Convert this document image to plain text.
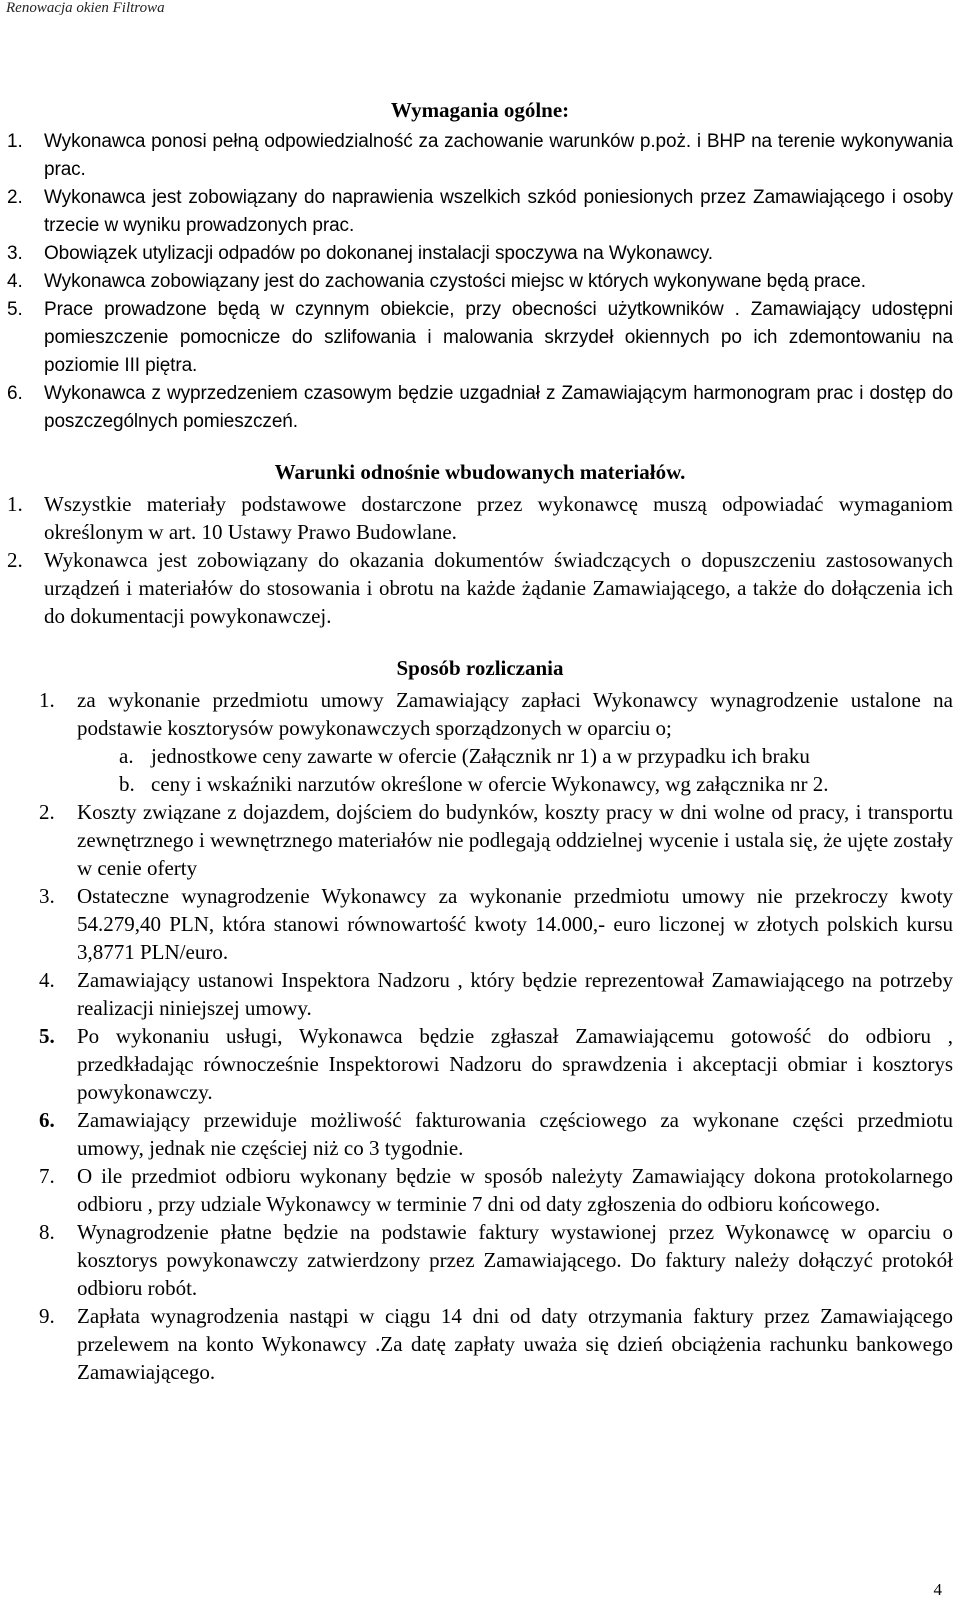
Renowacja okien Filtrowa
Wymagania ogólne:
1. Wykonawca ponosi pełną odpowiedzialność za zachowanie warunków p.poż. i BHP na terenie wykonywania prac.
2. Wykonawca jest zobowiązany do naprawienia wszelkich szkód poniesionych przez Zamawiającego i osoby trzecie w wyniku prowadzonych prac.
3. Obowiązek utylizacji odpadów po dokonanej instalacji spoczywa na Wykonawcy.
4. Wykonawca zobowiązany jest do zachowania czystości miejsc w których wykonywane będą prace.
5. Prace prowadzone będą w czynnym obiekcie, przy obecności użytkowników . Zamawiający udostępni pomieszczenie pomocnicze do szlifowania i malowania skrzydeł okiennych po ich zdemontowaniu na poziomie III piętra.
6. Wykonawca z wyprzedzeniem czasowym będzie uzgadniał z Zamawiającym harmonogram prac i dostęp do poszczególnych pomieszczeń.
Warunki odnośnie wbudowanych materiałów.
1. Wszystkie materiały podstawowe dostarczone przez wykonawcę muszą odpowiadać wymaganiom określonym w art. 10 Ustawy Prawo Budowlane.
2. Wykonawca jest zobowiązany do okazania dokumentów świadczących o dopuszczeniu zastosowanych urządzeń i materiałów do stosowania i obrotu na każde żądanie Zamawiającego, a także do dołączenia ich do dokumentacji powykonawczej.
Sposób rozliczania
1. za wykonanie przedmiotu umowy Zamawiający zapłaci Wykonawcy wynagrodzenie ustalone na podstawie kosztorysów powykonawczych sporządzonych w oparciu o;
a. jednostkowe ceny zawarte w ofercie (Załącznik nr 1) a w przypadku ich braku
b. ceny i wskaźniki narzutów określone w ofercie Wykonawcy, wg załącznika nr 2.
2. Koszty związane z dojazdem, dojściem do budynków, koszty pracy w dni wolne od pracy, i transportu zewnętrznego i wewnętrznego materiałów nie podlegają oddzielnej wycenie i ustala się, że ujęte zostały w cenie oferty
3. Ostateczne wynagrodzenie Wykonawcy za wykonanie przedmiotu umowy nie przekroczy kwoty 54.279,40 PLN, która stanowi równowartość kwoty 14.000,- euro liczonej w złotych polskich kursu 3,8771 PLN/euro.
4. Zamawiający ustanowi Inspektora Nadzoru , który będzie reprezentował Zamawiającego na potrzeby realizacji niniejszej umowy.
5. Po wykonaniu usługi, Wykonawca będzie zgłaszał Zamawiającemu gotowość do odbioru , przedkładając równocześnie Inspektorowi Nadzoru do sprawdzenia i akceptacji obmiar i kosztorys powykonawczy.
6. Zamawiający przewiduje możliwość fakturowania częściowego za wykonane części przedmiotu umowy, jednak nie częściej niż co 3 tygodnie.
7. O ile przedmiot odbioru wykonany będzie w sposób należyty Zamawiający dokona protokolarnego odbioru , przy udziale Wykonawcy w terminie 7 dni od daty zgłoszenia do odbioru końcowego.
8. Wynagrodzenie płatne będzie na podstawie faktury wystawionej przez Wykonawcę w oparciu o kosztorys powykonawczy zatwierdzony przez Zamawiającego. Do faktury należy dołączyć protokół odbioru robót.
9. Zapłata wynagrodzenia nastąpi w ciągu 14 dni od daty otrzymania faktury przez Zamawiającego przelewem na konto Wykonawcy .Za datę zapłaty uważa się dzień obciążenia rachunku bankowego Zamawiającego.
4
